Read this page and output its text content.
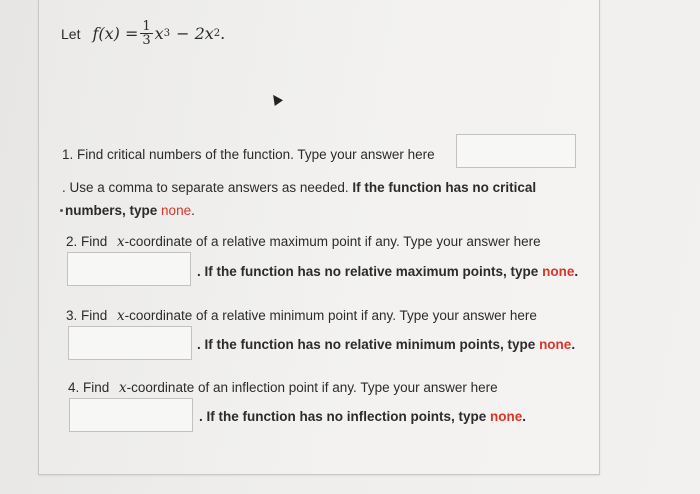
Let $f(x) = \frac{1}{3}$ x 3 − 2x 2 .
1. Find critical numbers of the function. Type your answer here
. Use a comma to separate answers as needed. If the function has no critical
numbers, type none.
2. Find x-coordinate of a relative maximum point if any. Type your answer here
. If the function has no relative maximum points, type none.
3. Find x-coordinate of a relative minimum point if any. Type your answer here
. If the function has no relative minimum points, type none.
4. Find x-coordinate of an inflection point if any. Type your answer here
. If the function has no inflection points, type none.
